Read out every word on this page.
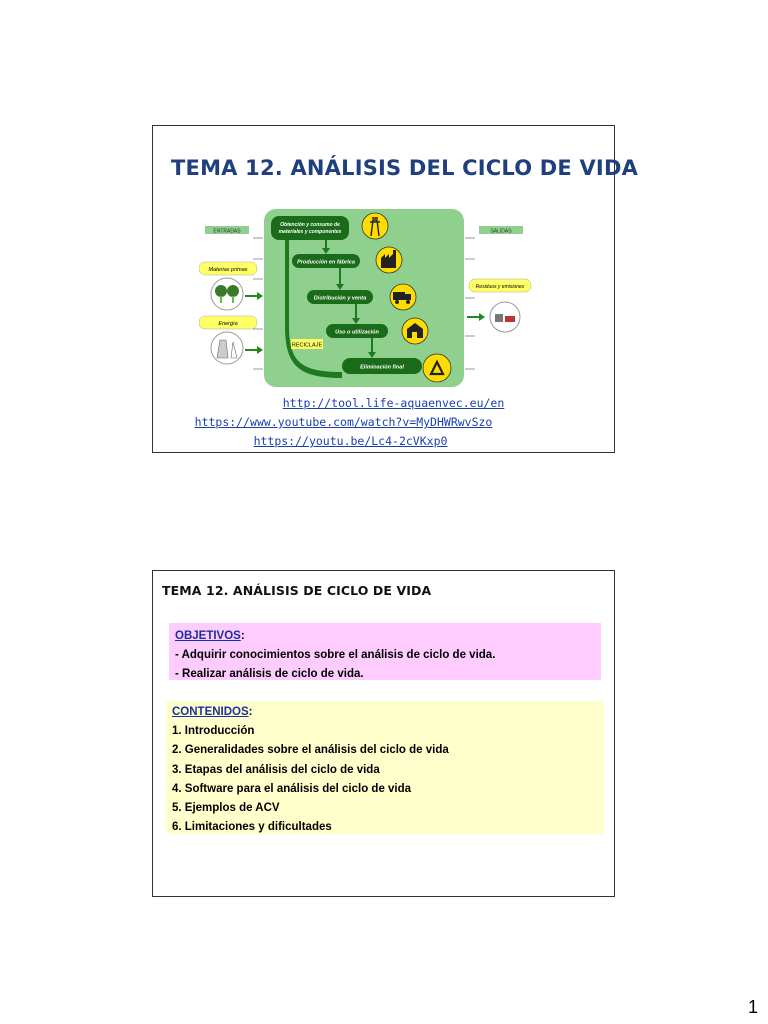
TEMA 12. ANÁLISIS DEL CICLO DE VIDA
ENTRADAS	SALIDAS
Materias primas
Energía
Residuos y emisiones
RECICLAJE
Obtención y consumo de
materiales y componentes
Producción en fábrica
Distribución y venta
Uso o utilización
Eliminación final
http://tool.life-aquaenvec.eu/en
https://www.youtube.com/watch?v=MyDHWRwvSzo
https://youtu.be/Lc4-2cVKxp0
TEMA 12. ANÁLISIS DE CICLO DE VIDA
OBJETIVOS:
- Adquirir conocimientos sobre el análisis de ciclo de vida.
- Realizar análisis de ciclo de vida.
CONTENIDOS:
1. Introducción
2. Generalidades sobre el análisis del ciclo de vida
3. Etapas del análisis del ciclo de vida
4. Software para el análisis del ciclo de vida
5. Ejemplos de ACV
6. Limitaciones y dificultades
1
